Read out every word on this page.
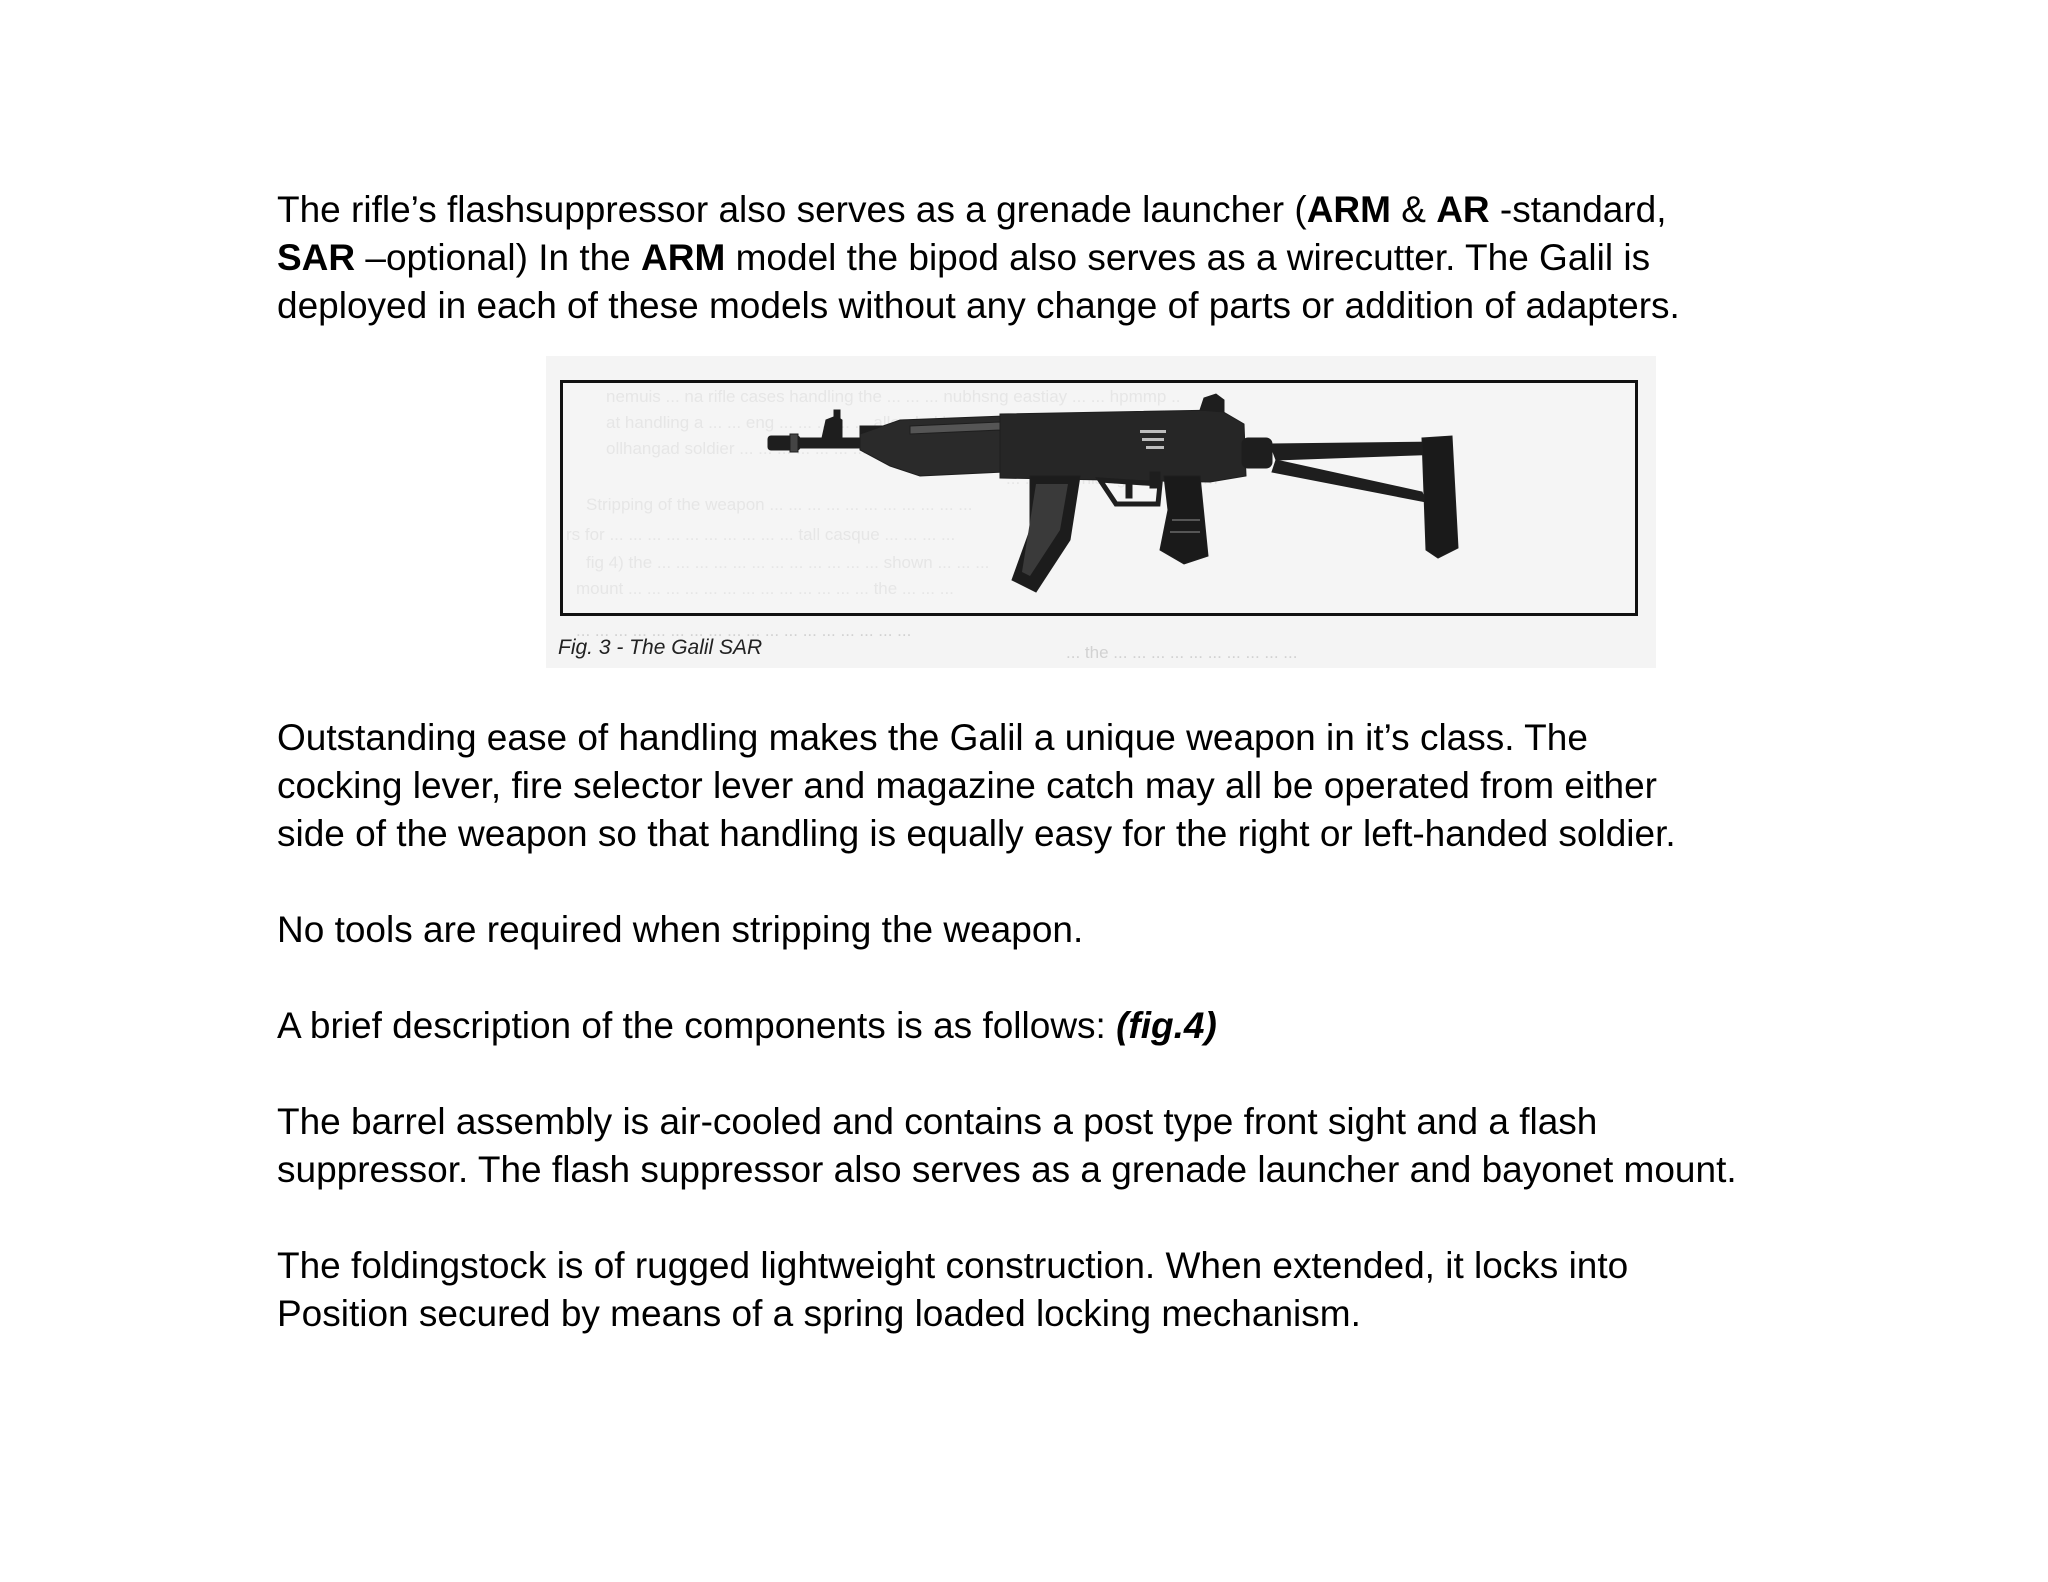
The rifle’s flashsuppressor also serves as a grenade launcher (ARM & AR -standard,
SAR –optional) In the ARM model the bipod also serves as a wirecutter. The Galil is
deployed in each of these models without any change of parts or addition of adapters.

... ... ... ... ... ... ... ... ... ... ... ... ... ... ... ... ... ...
... the ... ... ... ... ... ... ... ... ... ...
Fig. 3 - The Galil SAR

Outstanding ease of handling makes the Galil a unique weapon in it’s class. The
cocking lever, fire selector lever and magazine catch may all be operated from either
side of the weapon so that handling is equally easy for the right or left-handed soldier.

No tools are required when stripping the weapon.

A brief description of the components is as follows: (fig.4)

The barrel assembly is air-cooled and contains a post type front sight and a flash
suppressor. The flash suppressor also serves as a grenade launcher and bayonet mount.

The foldingstock is of rugged lightweight construction. When extended, it locks into
Position secured by means of a spring loaded locking mechanism.
